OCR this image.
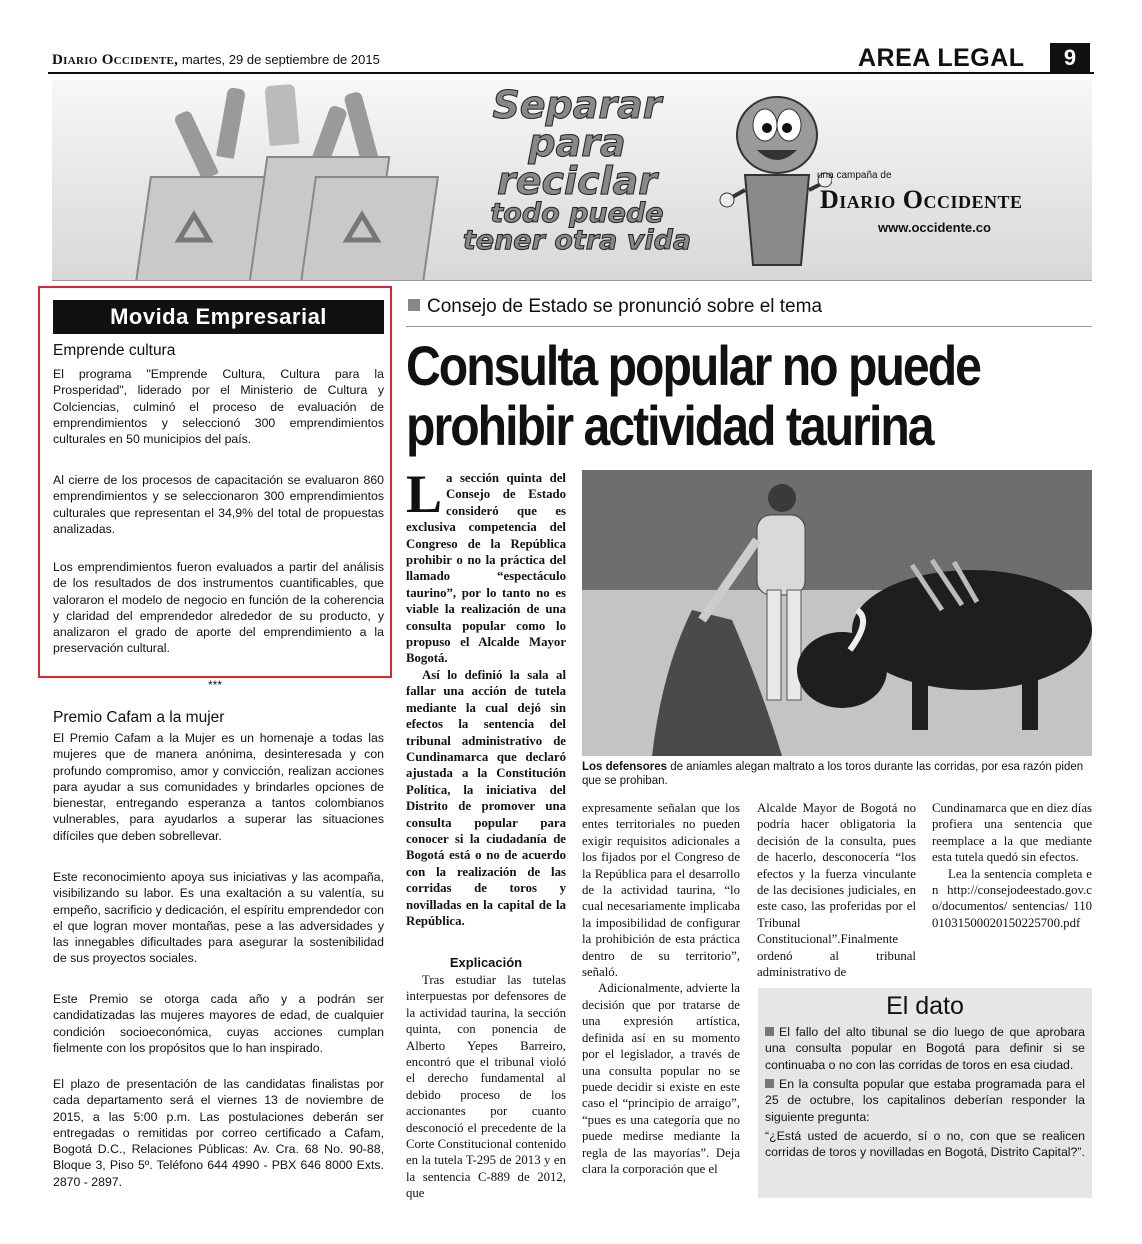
Diario Occidente, martes, 29 de septiembre de 2015	AREA LEGAL	9
Separar
para
reciclar
todo puede
tener otra vida
una campaña de
Diario Occidente
www.occidente.co
Movida Empresarial
Emprende cultura

El programa "Emprende Cultura, Cultura para la Prosperidad", liderado por el Ministerio de Cultura y Colciencias, culminó el proceso de evaluación de emprendimientos y seleccionó 300 emprendimientos culturales en 50 municipios del país.

Al cierre de los procesos de capacitación se evaluaron 860 emprendimientos y se seleccionaron 300 emprendimientos culturales que representan el 34,9% del total de propuestas analizadas.

Los emprendimientos fueron evaluados a partir del análisis de los resultados de dos instrumentos cuantificables, que valoraron el modelo de negocio en función de la coherencia y claridad del emprendedor alrededor de su producto, y analizaron el grado de aporte del emprendimiento a la preservación cultural.

***
Premio Cafam a la mujer

El Premio Cafam a la Mujer es un homenaje a todas las mujeres que de manera anónima, desinteresada y con profundo compromiso, amor y convicción, realizan acciones para ayudar a sus comunidades y brindarles opciones de bienestar, entregando esperanza a tantos colombianos vulnerables, para ayudarlos a superar las situaciones difíciles que deben sobrellevar.

Este reconocimiento apoya sus iniciativas y las acompaña, visibilizando su labor. Es una exaltación a su valentía, su empeño, sacrificio y dedicación, el espíritu emprendedor con el que logran mover montañas, pese a las adversidades y las innegables dificultades para asegurar la sostenibilidad de sus proyectos sociales.

Este Premio se otorga cada año y a podrán ser candidatizadas las mujeres mayores de edad, de cualquier condición socioeconómica, cuyas acciones cumplan fielmente con los propósitos que lo han inspirado.

El plazo de presentación de las candidatas finalistas por cada departamento será el viernes 13 de noviembre de 2015, a las 5:00 p.m. Las postulaciones deberán ser entregadas o remitidas por correo certificado a Cafam, Bogotá D.C., Relaciones Públicas: Av. Cra. 68 No. 90-88, Bloque 3, Piso 5º. Teléfono 644 4990 - PBX 646 8000 Exts. 2870 - 2897.

Consejo de Estado se pronunció sobre el tema
Consulta popular no puede
prohibir actividad taurina

La sección quinta del Consejo de Estado consideró que es exclusiva competencia del Congreso de la República prohibir o no la práctica del llamado “espectáculo taurino”, por lo tanto no es viable la realización de una consulta popular como lo propuso el Alcalde Mayor Bogotá.

Así lo definió la sala al fallar una acción de tutela mediante la cual dejó sin efectos la sentencia del tribunal administrativo de Cundinamarca que declaró ajustada a la Constitución Política, la iniciativa del Distrito de promover una consulta popular para conocer si la ciudadanía de Bogotá está o no de acuerdo con la realización de las corridas de toros y novilladas en la capital de la República.

Explicación

Tras estudiar las tutelas interpuestas por defensores de la actividad taurina, la sección quinta, con ponencia de Alberto Yepes Barreiro, encontró que el tribunal violó el derecho fundamental al debido proceso de los accionantes por cuanto desconoció el precedente de la Corte Constitucional contenido en la tutela T-295 de 2013 y en la sentencia C-889 de 2012, que

Los defensores de aniamles alegan maltrato a los toros durante las corridas, por esa razón piden que se prohiban.

expresamente señalan que los entes territoriales no pueden exigir requisitos adicionales a los fijados por el Congreso de la República para el desarrollo de la actividad taurina, “lo cual necesariamente implicaba la imposibilidad de configurar la prohibición de esta práctica dentro de su territorio”, señaló.

Adicionalmente, advierte la decisión que por tratarse de una expresión artística, definida así en su momento por el legislador, a través de una consulta popular no se puede decidir si existe en este caso el “principio de arraigo”, “pues es una categoría que no puede medirse mediante la regla de las mayorías”. Deja clara la corporación que el

Alcalde Mayor de Bogotá no podría hacer obligatoria la decisión de la consulta, pues de hacerlo, desconocería “los efectos y la fuerza vinculante de las decisiones judiciales, en este caso, las proferidas por el Tribunal Constitucional”.Finalmente ordenó al tribunal administrativo de

Cundinamarca que en diez días profiera una sentencia que reemplace a la que mediante esta tutela quedó sin efectos.

Lea la sentencia completa e n http://consejodeestado.gov.co/documentos/ sentencias/ 11001031500020150225700.pdf

El dato

El fallo del alto tibunal se dio luego de que aprobara una consulta popular en Bogotá para definir si se continuaba o no con las corridas de toros en esa ciudad.

En la consulta popular que estaba programada para el 25 de octubre, los capitalinos deberían responder la siguiente pregunta:

“¿Está usted de acuerdo, sí o no, con que se realicen corridas de toros y novilladas en Bogotá, Distrito Capital?”.
